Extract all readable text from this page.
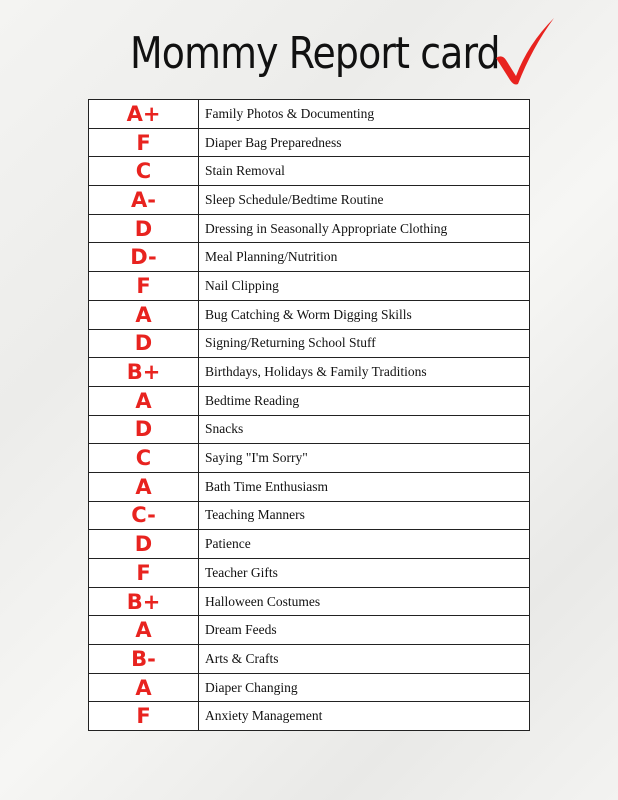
Mommy Report card
A+	Family Photos & Documenting
F	Diaper Bag Preparedness
C	Stain Removal
A-	Sleep Schedule/Bedtime Routine
D	Dressing in Seasonally Appropriate Clothing
D-	Meal Planning/Nutrition
F	Nail Clipping
A	Bug Catching & Worm Digging Skills
D	Signing/Returning School Stuff
B+	Birthdays, Holidays & Family Traditions
A	Bedtime Reading
D	Snacks
C	Saying "I'm Sorry"
A	Bath Time Enthusiasm
C-	Teaching Manners
D	Patience
F	Teacher Gifts
B+	Halloween Costumes
A	Dream Feeds
B-	Arts & Crafts
A	Diaper Changing
F	Anxiety Management
